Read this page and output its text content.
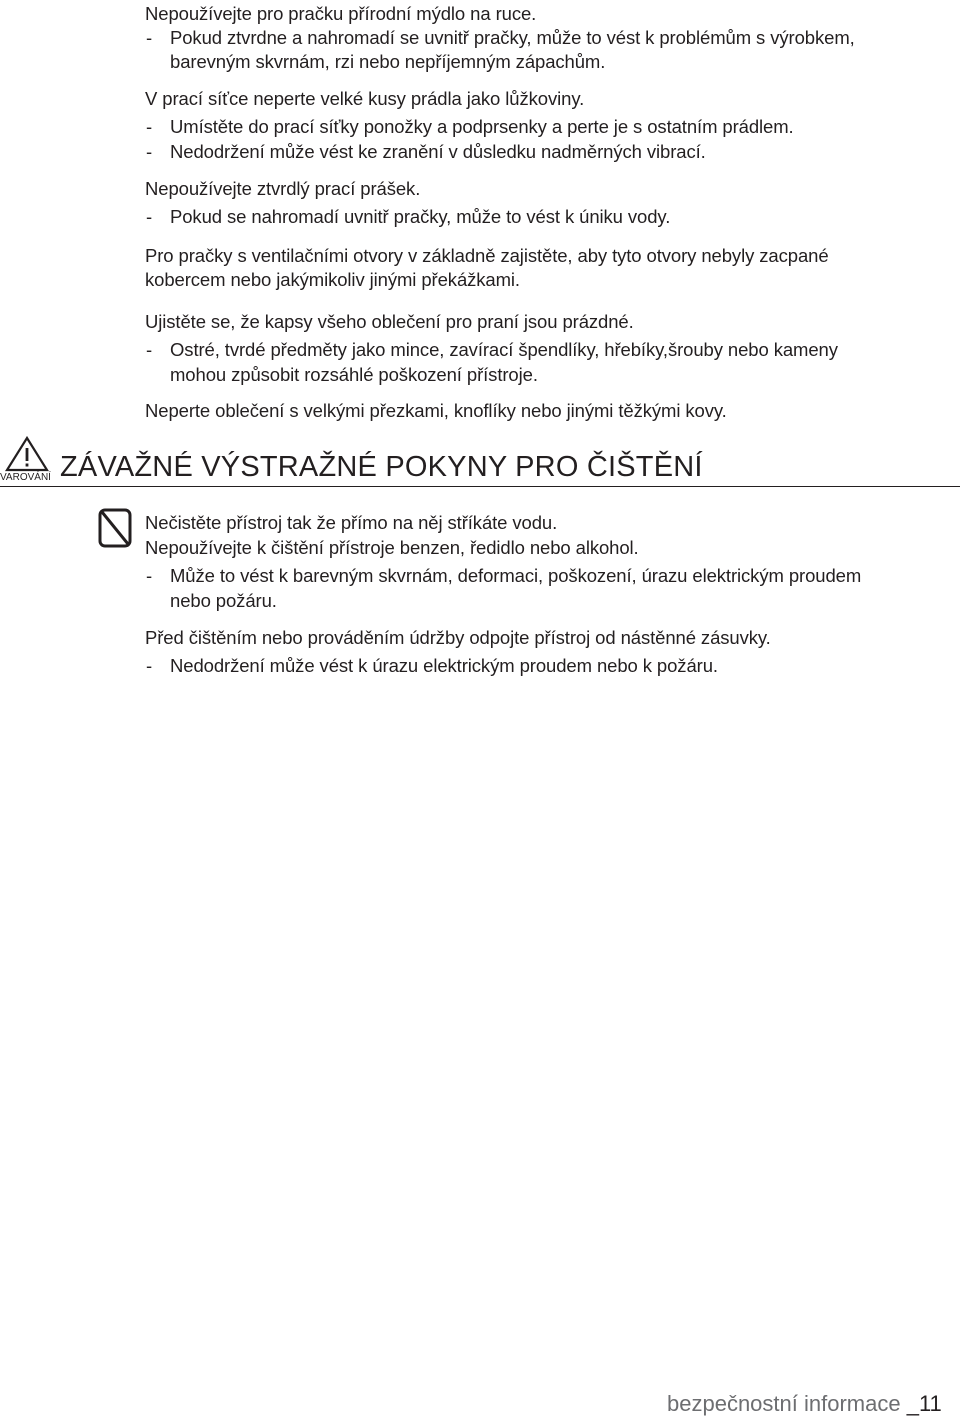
Nepoužívejte pro pračku přírodní mýdlo na ruce.
- Pokud ztvrdne a nahromadí se uvnitř pračky, může to vést k problémům s výrobkem,
barevným skvrnám, rzi nebo nepříjemným zápachům.
V prací síťce neperte velké kusy prádla jako lůžkoviny.
- Umístěte do prací síťky ponožky a podprsenky a perte je s ostatním prádlem.
- Nedodržení může vést ke zranění v důsledku nadměrných vibrací.
Nepoužívejte ztvrdlý prací prášek.
- Pokud se nahromadí uvnitř pračky, může to vést k úniku vody.
Pro pračky s ventilačními otvory v základně zajistěte, aby tyto otvory nebyly zacpané
kobercem nebo jakýmikoliv jinými překážkami.
Ujistěte se, že kapsy všeho oblečení pro praní jsou prázdné.
- Ostré, tvrdé předměty jako mince, zavírací špendlíky, hřebíky,šrouby nebo kameny
mohou způsobit rozsáhlé poškození přístroje.
Neperte oblečení s velkými přezkami, knoflíky nebo jinými těžkými kovy.
VAROVÁNÍ ZÁVAŽNÉ VÝSTRAŽNÉ POKYNY PRO ČIŠTĚNÍ
Nečistěte přístroj tak že přímo na něj stříkáte vodu.
Nepoužívejte k čištění přístroje benzen, ředidlo nebo alkohol.
- Může to vést k barevným skvrnám, deformaci, poškození, úrazu elektrickým proudem
nebo požáru.
Před čištěním nebo prováděním údržby odpojte přístroj od nástěnné zásuvky.
- Nedodržení může vést k úrazu elektrickým proudem nebo k požáru.
bezpečnostní informace _11
